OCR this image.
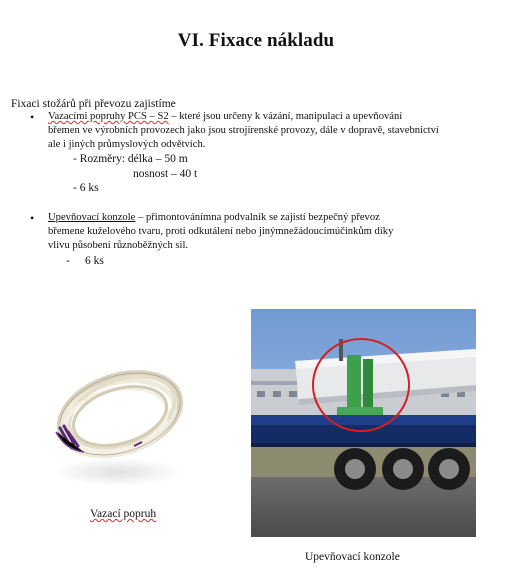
VI. Fixace nákladu
Fixaci stožárů při převozu zajistíme
• Vazacími popruhy PCS – S2 – které jsou určeny k vázání, manipulaci a upevňování
břemen ve výrobních provozech jako jsou strojírenské provozy, dále v dopravě, stavebnictví
ale i jiných průmyslových odvětvích.
- Rozměry: délka – 50 m
nosnost – 40 t
- 6 ks
• Upevňovací konzole – přimontovánímna podvalník se zajistí bezpečný převoz
břemene kuželového tvaru, proti odkutálení nebo jinýmnežádoucímúčinkům díky
vlivu působení různoběžných sil.
- 6 ks
Vazací popruh
Upevňovací konzole
